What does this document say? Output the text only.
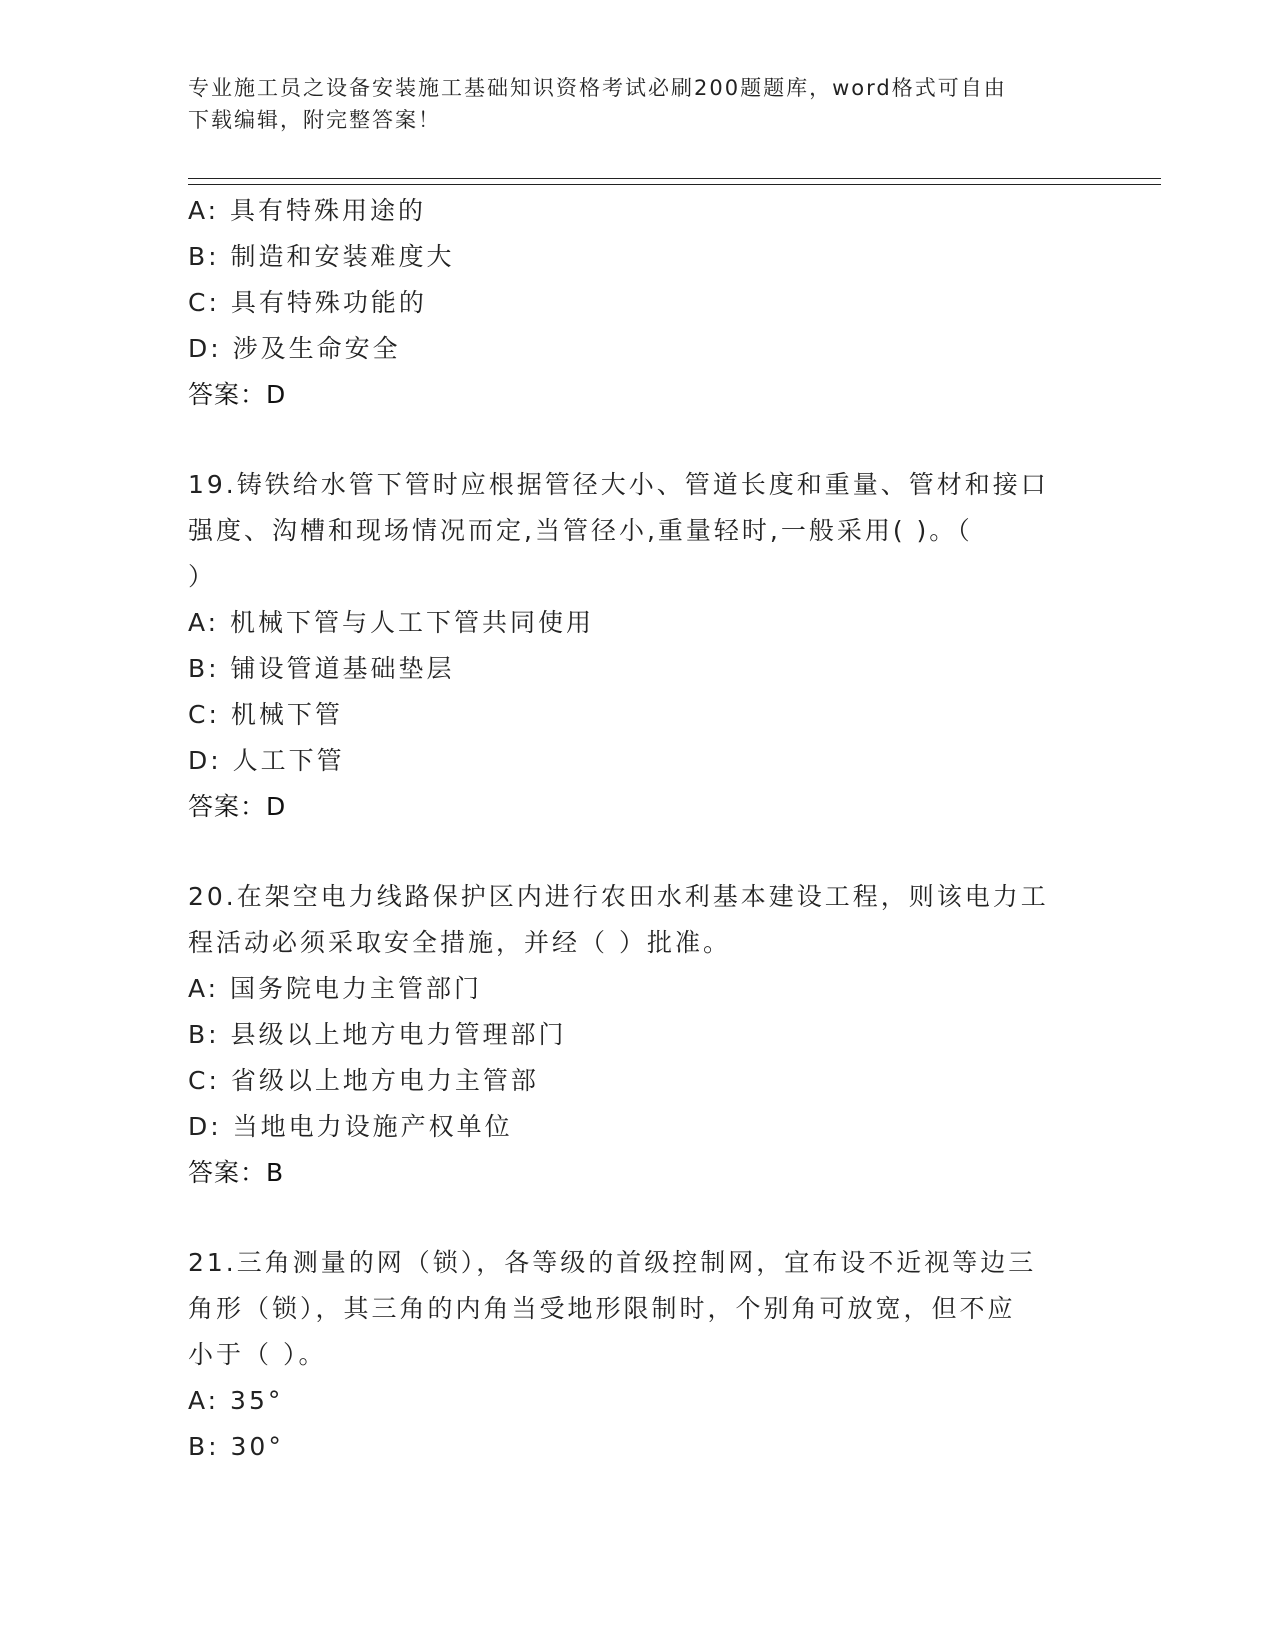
专业施工员之设备安装施工基础知识资格考试必刷200题题库，word格式可自由
下载编辑，附完整答案！
A: 具有特殊用途的
B: 制造和安装难度大
C: 具有特殊功能的
D: 涉及生命安全
答案：D
19.铸铁给水管下管时应根据管径大小、管道长度和重量、管材和接口
强度、沟槽和现场情况而定,当管径小,重量轻时,一般采用( )。（
）
A: 机械下管与人工下管共同使用
B: 铺设管道基础垫层
C: 机械下管
D: 人工下管
答案：D
20.在架空电力线路保护区内进行农田水利基本建设工程，则该电力工
程活动必须采取安全措施，并经（ ）批准。
A: 国务院电力主管部门
B: 县级以上地方电力管理部门
C: 省级以上地方电力主管部
D: 当地电力设施产权单位
答案：B
21.三角测量的网（锁），各等级的首级控制网，宜布设不近视等边三
角形（锁），其三角的内角当受地形限制时，个别角可放宽，但不应
小于（ ）。
A: 35°
B: 30°
